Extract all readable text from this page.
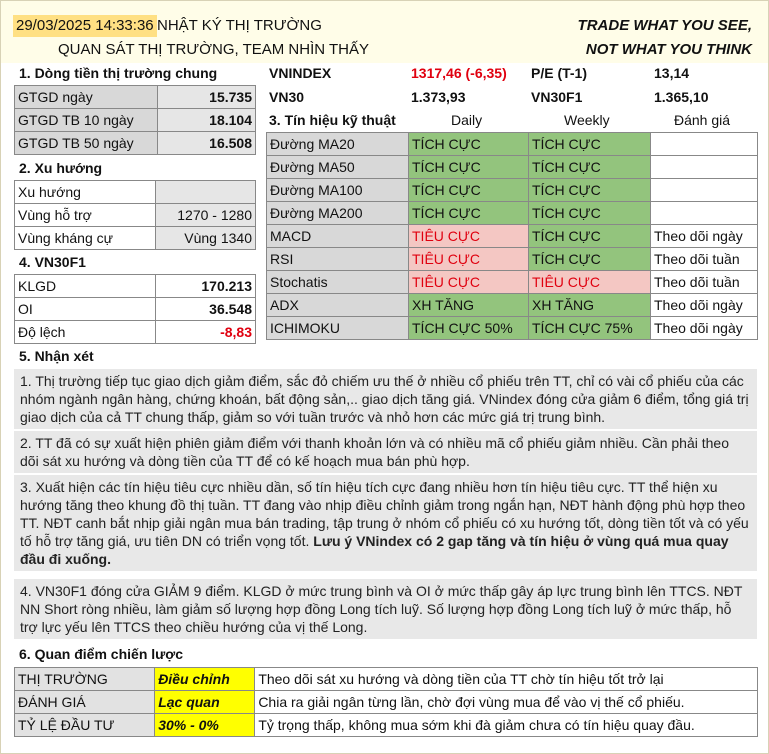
29/03/2025 14:33:36 NHẬT KÝ THỊ TRƯỜNG
QUAN SÁT THỊ TRƯỜNG, TEAM NHÌN THẤY
TRADE WHAT YOU SEE,
NOT WHAT YOU THINK
1. Dòng tiền thị trường chung
GTGD ngày	15.735
GTGD TB 10 ngày	18.104
GTGD TB 50 ngày	16.508
VNINDEX	1317,46 (-6,35) P/E (T-1)	13,14
VN30	1.373,93	VN30F1	1.365,10
2. Xu hướng
Xu hướng	
Vùng hỗ trợ	1270 - 1280
Vùng kháng cự	Vùng 1340
4. VN30F1
KLGD	170.213
OI	36.548
Độ lệch	-8,83
3. Tín hiệu kỹ thuật	Daily	Weekly	Đánh giá
Đường MA20	TÍCH CỰC	TÍCH CỰC	
Đường MA50	TÍCH CỰC	TÍCH CỰC	
Đường MA100	TÍCH CỰC	TÍCH CỰC	
Đường MA200	TÍCH CỰC	TÍCH CỰC	
MACD	TIÊU CỰC	TÍCH CỰC	Theo dõi ngày
RSI	TIÊU CỰC	TÍCH CỰC	Theo dõi tuần
Stochatis	TIÊU CỰC	TIÊU CỰC	Theo dõi tuần
ADX	XH TĂNG	XH TĂNG	Theo dõi ngày
ICHIMOKU	TÍCH CỰC 50%	TÍCH CỰC 75%	Theo dõi ngày
5. Nhận xét
1. Thị trường tiếp tục giao dịch giảm điểm, sắc đỏ chiếm ưu thế ở nhiều cổ phiếu trên TT, chỉ có vài cổ phiếu của các nhóm ngành ngân hàng, chứng khoán, bất động sản,.. giao dịch tăng giá. VNindex đóng cửa giảm 6 điểm, tổng giá trị giao dịch của cả TT chung thấp, giảm so với tuần trước và nhỏ hơn các mức giá trị trung bình.
2. TT đã có sự xuất hiện phiên giảm điểm với thanh khoản lớn và có nhiều mã cổ phiếu giảm nhiều. Cần phải theo dõi sát xu hướng và dòng tiền của TT để có kế hoạch mua bán phù hợp.
3. Xuất hiện các tín hiệu tiêu cực nhiều dần, số tín hiệu tích cực đang nhiều hơn tín hiệu tiêu cực. TT thể hiện xu hướng tăng theo khung đồ thị tuần. TT đang vào nhịp điều chỉnh giảm trong ngắn hạn, NĐT hành động phù hợp theo TT. NĐT canh bắt nhịp giải ngân mua bán trading, tập trung ở nhóm cổ phiếu có xu hướng tốt, dòng tiền tốt và có yếu tố hỗ trợ tăng giá, ưu tiên DN có triển vọng tốt. Lưu ý VNindex có 2 gap tăng và tín hiệu ở vùng quá mua quay đầu đi xuống.
4. VN30F1 đóng cửa GIẢM 9 điểm. KLGD ở mức trung bình và OI ở mức thấp gây áp lực trung bình lên TTCS. NĐT NN Short ròng nhiều, làm giảm số lượng hợp đồng Long tích luỹ. Số lượng hợp đồng Long tích luỹ ở mức thấp, hỗ trợ lực yếu lên TTCS theo chiều hướng của vị thế Long.
6. Quan điểm chiến lược
THỊ TRƯỜNG	Điều chỉnh	Theo dõi sát xu hướng và dòng tiền của TT chờ tín hiệu tốt trở lại
ĐÁNH GIÁ	Lạc quan	Chia ra giải ngân từng lần, chờ đợi vùng mua để vào vị thế cổ phiếu.
TỶ LỆ ĐẦU TƯ	30% - 0%	Tỷ trọng thấp, không mua sớm khi đà giảm chưa có tín hiệu quay đầu.
